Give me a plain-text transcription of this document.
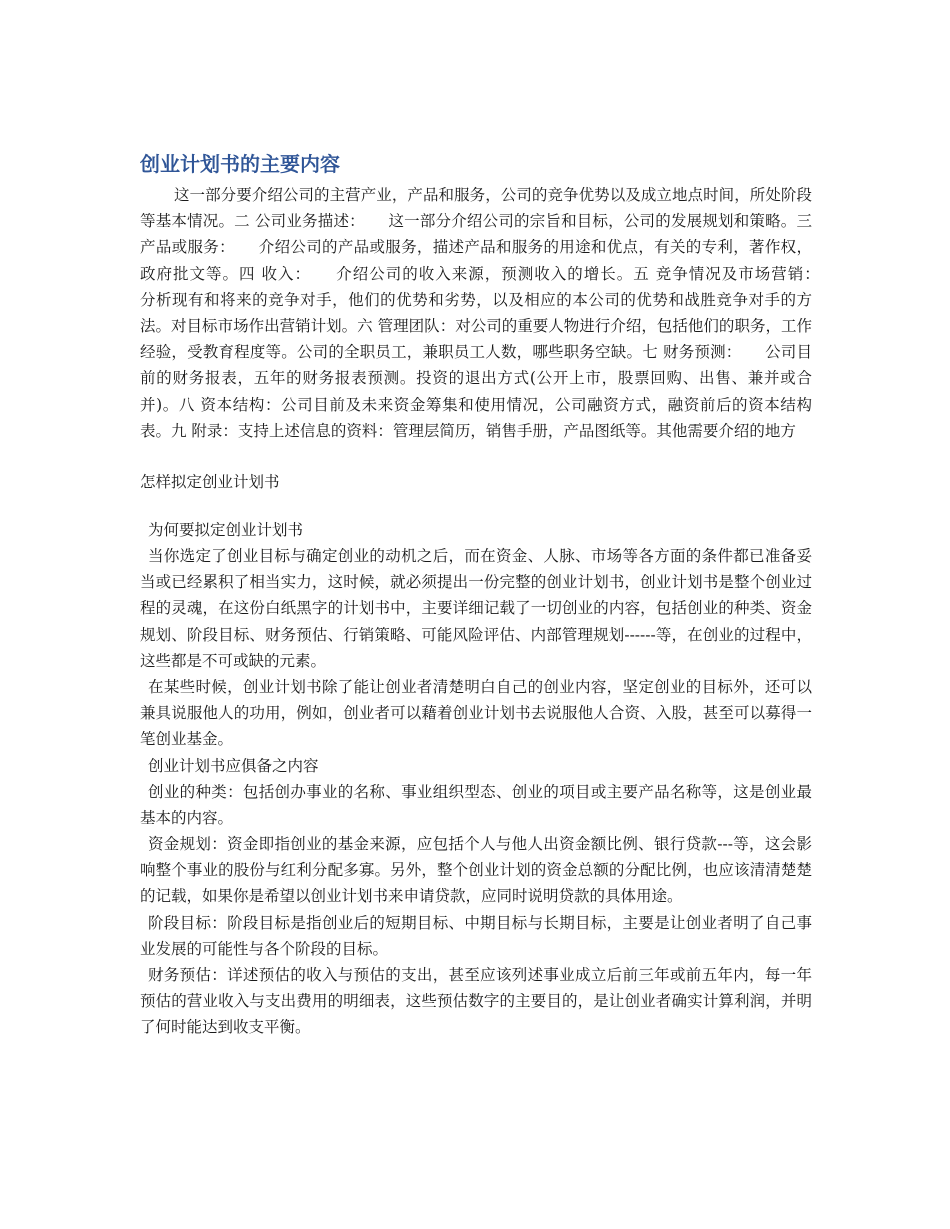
创业计划书的主要内容

这一部分要介绍公司的主营产业，产品和服务，公司的竞争优势以及成立地点时间，所处阶段等基本情况。二 公司业务描述：　　这一部分介绍公司的宗旨和目标，公司的发展规划和策略。三 产品或服务：　　介绍公司的产品或服务，描述产品和服务的用途和优点，有关的专利，著作权，政府批文等。四 收入：　　介绍公司的收入来源，预测收入的增长。五 竞争情况及市场营销：　　分析现有和将来的竞争对手，他们的优势和劣势，以及相应的本公司的优势和战胜竞争对手的方法。对目标市场作出营销计划。六 管理团队：对公司的重要人物进行介绍，包括他们的职务，工作经验，受教育程度等。公司的全职员工，兼职员工人数，哪些职务空缺。七 财务预测：　　公司目前的财务报表，五年的财务报表预测。投资的退出方式(公开上市，股票回购、出售、兼并或合并)。八 资本结构：公司目前及未来资金筹集和使用情况，公司融资方式，融资前后的资本结构表。九 附录：支持上述信息的资料：管理层简历，销售手册，产品图纸等。其他需要介绍的地方

怎样拟定创业计划书

为何要拟定创业计划书

当你选定了创业目标与确定创业的动机之后，而在资金、人脉、市场等各方面的条件都已准备妥当或已经累积了相当实力，这时候，就必须提出一份完整的创业计划书，创业计划书是整个创业过程的灵魂，在这份白纸黑字的计划书中，主要详细记载了一切创业的内容，包括创业的种类、资金规划、阶段目标、财务预估、行销策略、可能风险评估、内部管理规划------等，在创业的过程中，这些都是不可或缺的元素。

在某些时候，创业计划书除了能让创业者清楚明白自己的创业内容，坚定创业的目标外，还可以兼具说服他人的功用，例如，创业者可以藉着创业计划书去说服他人合资、入股，甚至可以募得一笔创业基金。

创业计划书应俱备之内容

创业的种类：包括创办事业的名称、事业组织型态、创业的项目或主要产品名称等，这是创业最基本的内容。

资金规划：资金即指创业的基金来源，应包括个人与他人出资金额比例、银行贷款---等，这会影响整个事业的股份与红利分配多寡。另外，整个创业计划的资金总额的分配比例，也应该清清楚楚的记载，如果你是希望以创业计划书来申请贷款，应同时说明贷款的具体用途。

阶段目标：阶段目标是指创业后的短期目标、中期目标与长期目标，主要是让创业者明了自己事业发展的可能性与各个阶段的目标。

财务预估：详述预估的收入与预估的支出，甚至应该列述事业成立后前三年或前五年内，每一年预估的营业收入与支出费用的明细表，这些预估数字的主要目的，是让创业者确实计算利润，并明了何时能达到收支平衡。
